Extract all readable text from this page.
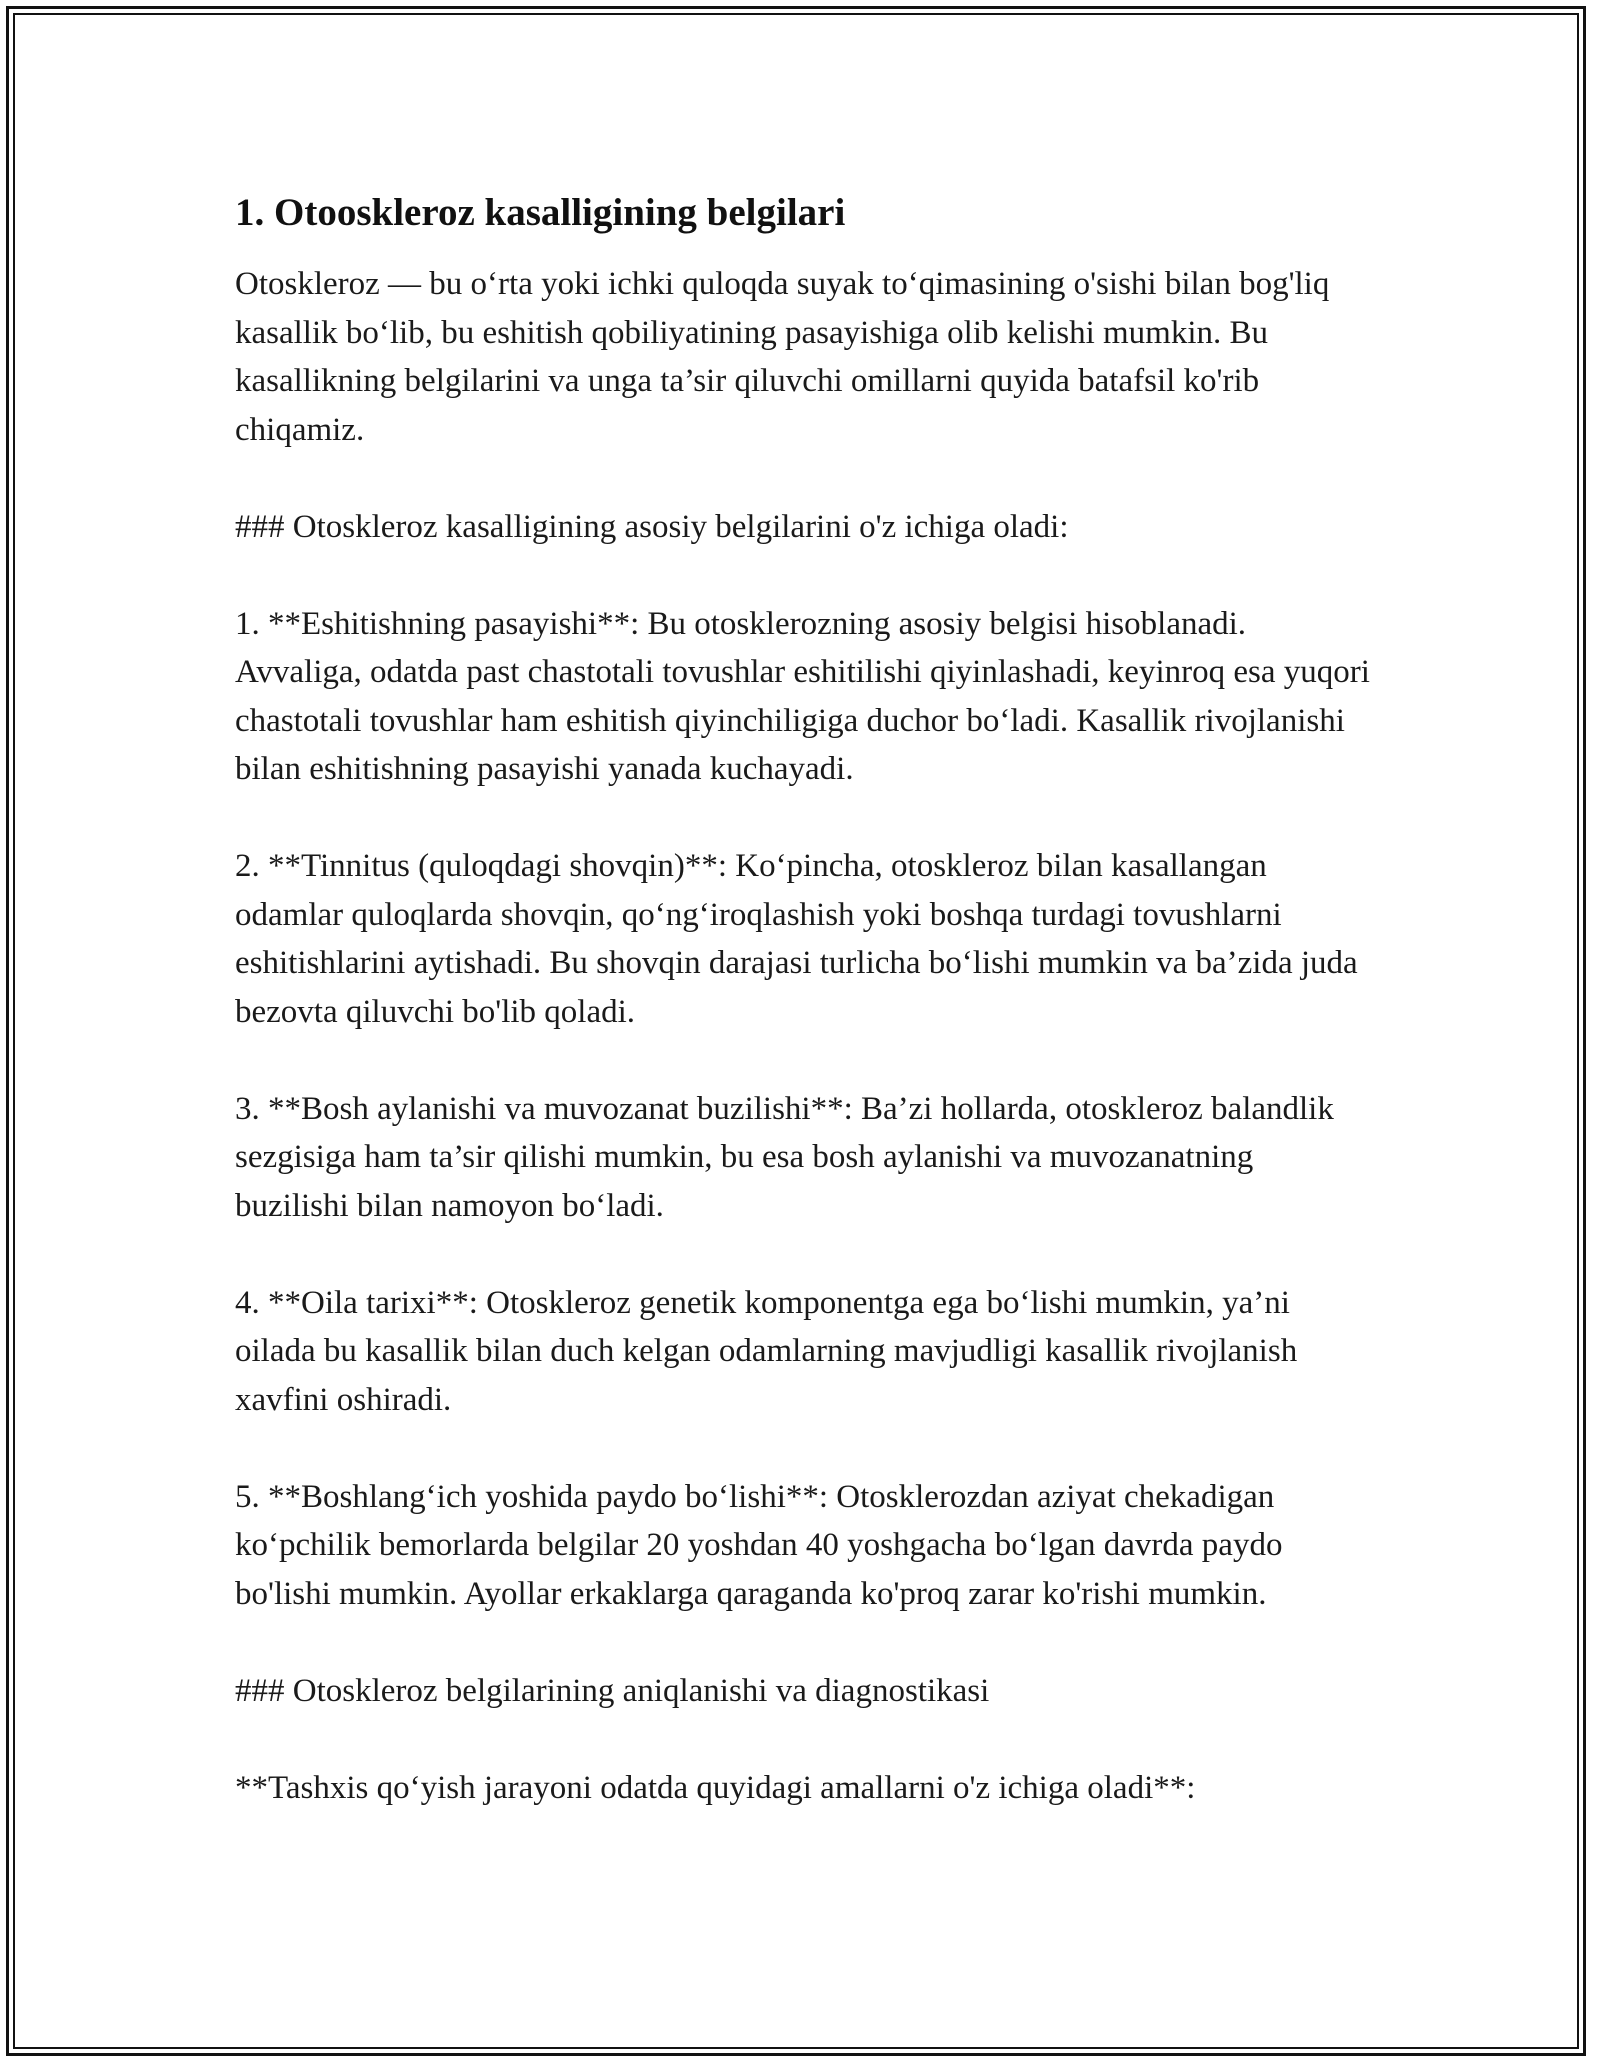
1. Otooskleroz kasalligining belgilari

Otoskleroz — bu o‘rta yoki ichki quloqda suyak to‘qimasining o'sishi bilan bog'liq kasallik bo‘lib, bu eshitish qobiliyatining pasayishiga olib kelishi mumkin. Bu kasallikning belgilarini va unga ta’sir qiluvchi omillarni quyida batafsil ko'rib chiqamiz.

### Otoskleroz kasalligining asosiy belgilarini o'z ichiga oladi:

1. **Eshitishning pasayishi**: Bu otosklerozning asosiy belgisi hisoblanadi. Avvaliga, odatda past chastotali tovushlar eshitilishi qiyinlashadi, keyinroq esa yuqori chastotali tovushlar ham eshitish qiyinchiligiga duchor bo‘ladi. Kasallik rivojlanishi bilan eshitishning pasayishi yanada kuchayadi.

2. **Tinnitus (quloqdagi shovqin)**: Ko‘pincha, otoskleroz bilan kasallangan odamlar quloqlarda shovqin, qo‘ng‘iroqlashish yoki boshqa turdagi tovushlarni eshitishlarini aytishadi. Bu shovqin darajasi turlicha bo‘lishi mumkin va ba’zida juda bezovta qiluvchi bo'lib qoladi.

3. **Bosh aylanishi va muvozanat buzilishi**: Ba’zi hollarda, otoskleroz balandlik sezgisiga ham ta’sir qilishi mumkin, bu esa bosh aylanishi va muvozanatning buzilishi bilan namoyon bo‘ladi.

4. **Oila tarixi**: Otoskleroz genetik komponentga ega bo‘lishi mumkin, ya’ni oilada bu kasallik bilan duch kelgan odamlarning mavjudligi kasallik rivojlanish xavfini oshiradi.

5. **Boshlang‘ich yoshida paydo bo‘lishi**: Otosklerozdan aziyat chekadigan ko‘pchilik bemorlarda belgilar 20 yoshdan 40 yoshgacha bo‘lgan davrda paydo bo'lishi mumkin. Ayollar erkaklarga qaraganda ko'proq zarar ko'rishi mumkin.

### Otoskleroz belgilarining aniqlanishi va diagnostikasi

**Tashxis qo‘yish jarayoni odatda quyidagi amallarni o'z ichiga oladi**:
